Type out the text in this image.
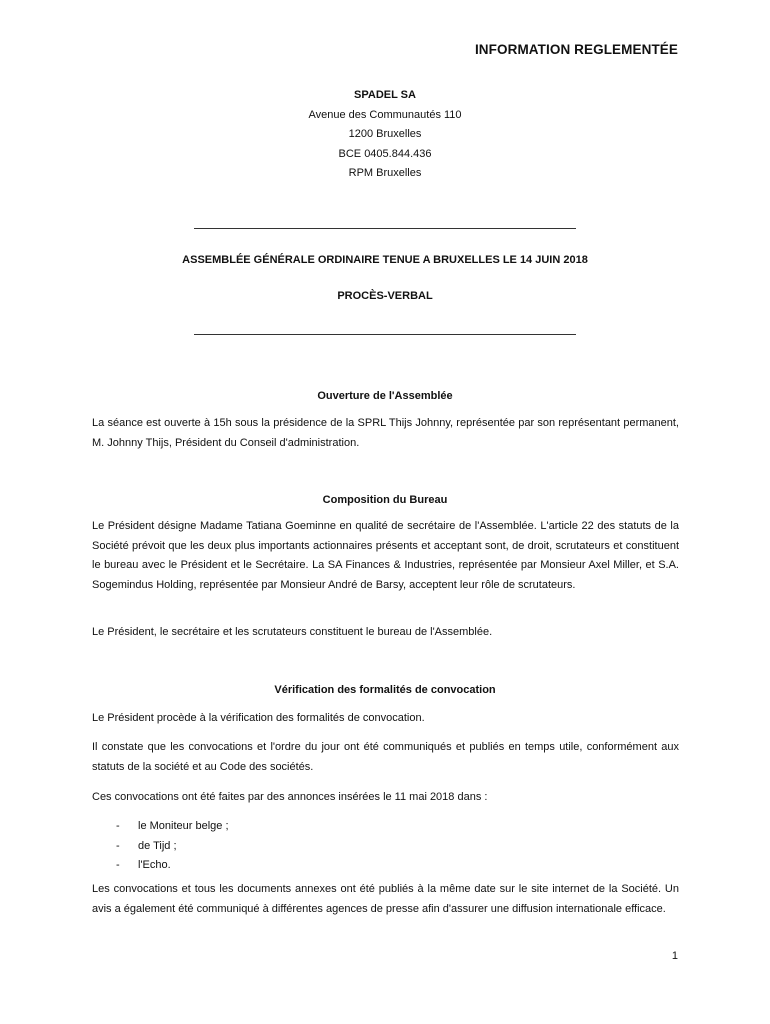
INFORMATION REGLEMENTÉE
SPADEL SA
Avenue des Communautés 110
1200 Bruxelles
BCE 0405.844.436
RPM Bruxelles
ASSEMBLÉE GÉNÉRALE ORDINAIRE TENUE A BRUXELLES LE 14 JUIN 2018
PROCÈS-VERBAL
Ouverture de l'Assemblée

La séance est ouverte à 15h sous la présidence de la SPRL Thijs Johnny, représentée par son représentant permanent, M. Johnny Thijs, Président du Conseil d'administration.

Composition du Bureau

Le Président désigne Madame Tatiana Goeminne en qualité de secrétaire de l'Assemblée. L'article 22 des statuts de la Société prévoit que les deux plus importants actionnaires présents et acceptant sont, de droit, scrutateurs et constituent le bureau avec le Président et le Secrétaire. La SA Finances & Industries, représentée par Monsieur Axel Miller, et S.A. Sogemindus Holding, représentée par Monsieur André de Barsy, acceptent leur rôle de scrutateurs.

Le Président, le secrétaire et les scrutateurs constituent le bureau de l'Assemblée.

Vérification des formalités de convocation

Le Président procède à la vérification des formalités de convocation.

Il constate que les convocations et l'ordre du jour ont été communiqués et publiés en temps utile, conformément aux statuts de la société et au Code des sociétés.

Ces convocations ont été faites par des annonces insérées le 11 mai 2018 dans :

- le Moniteur belge ;
- de Tijd ;
- l'Echo.

Les convocations et tous les documents annexes ont été publiés à la même date sur le site internet de la Société. Un avis a également été communiqué à différentes agences de presse afin d'assurer une diffusion internationale efficace.

1
